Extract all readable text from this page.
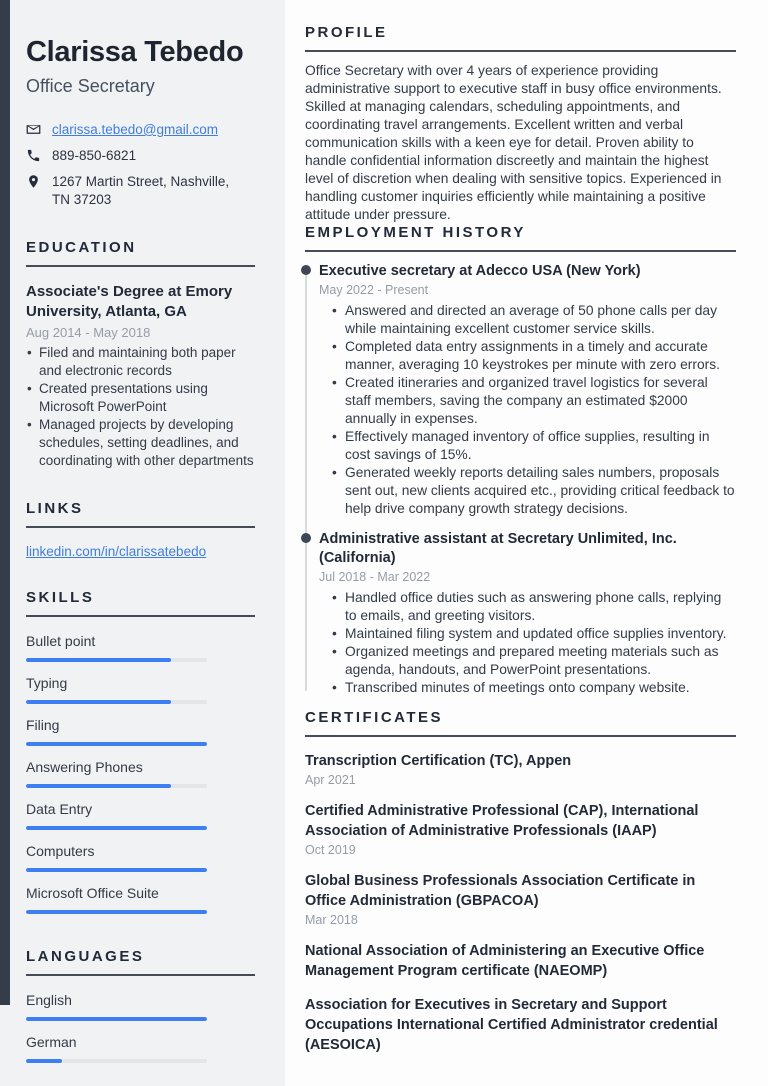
Clarissa Tebedo
Office Secretary
clarissa.tebedo@gmail.com
889-850-6821
1267 Martin Street, Nashville, TN 37203
EDUCATION
Associate's Degree at Emory University, Atlanta, GA
Aug 2014 - May 2018
• Filed and maintaining both paper and electronic records
• Created presentations using Microsoft PowerPoint
• Managed projects by developing schedules, setting deadlines, and coordinating with other departments
LINKS
linkedin.com/in/clarissatebedo
SKILLS
Bullet point
Typing
Filing
Answering Phones
Data Entry
Computers
Microsoft Office Suite
LANGUAGES
English
German
PROFILE

Office Secretary with over 4 years of experience providing administrative support to executive staff in busy office environments. Skilled at managing calendars, scheduling appointments, and coordinating travel arrangements. Excellent written and verbal communication skills with a keen eye for detail. Proven ability to handle confidential information discreetly and maintain the highest level of discretion when dealing with sensitive topics. Experienced in handling customer inquiries efficiently while maintaining a positive attitude under pressure.

EMPLOYMENT HISTORY
Executive secretary at Adecco USA (New York)
May 2022 - Present
• Answered and directed an average of 50 phone calls per day while maintaining excellent customer service skills.
• Completed data entry assignments in a timely and accurate manner, averaging 10 keystrokes per minute with zero errors.
• Created itineraries and organized travel logistics for several staff members, saving the company an estimated $2000 annually in expenses.
• Effectively managed inventory of office supplies, resulting in cost savings of 15%.
• Generated weekly reports detailing sales numbers, proposals sent out, new clients acquired etc., providing critical feedback to help drive company growth strategy decisions.
Administrative assistant at Secretary Unlimited, Inc. (California)
Jul 2018 - Mar 2022
• Handled office duties such as answering phone calls, replying to emails, and greeting visitors.
• Maintained filing system and updated office supplies inventory.
• Organized meetings and prepared meeting materials such as agenda, handouts, and PowerPoint presentations.
• Transcribed minutes of meetings onto company website.
CERTIFICATES
Transcription Certification (TC), Appen
Apr 2021
Certified Administrative Professional (CAP), International Association of Administrative Professionals (IAAP)
Oct 2019
Global Business Professionals Association Certificate in Office Administration (GBPACOA)
Mar 2018
National Association of Administering an Executive Office Management Program certificate (NAEOMP)
Association for Executives in Secretary and Support Occupations International Certified Administrator credential (AESOICA)
